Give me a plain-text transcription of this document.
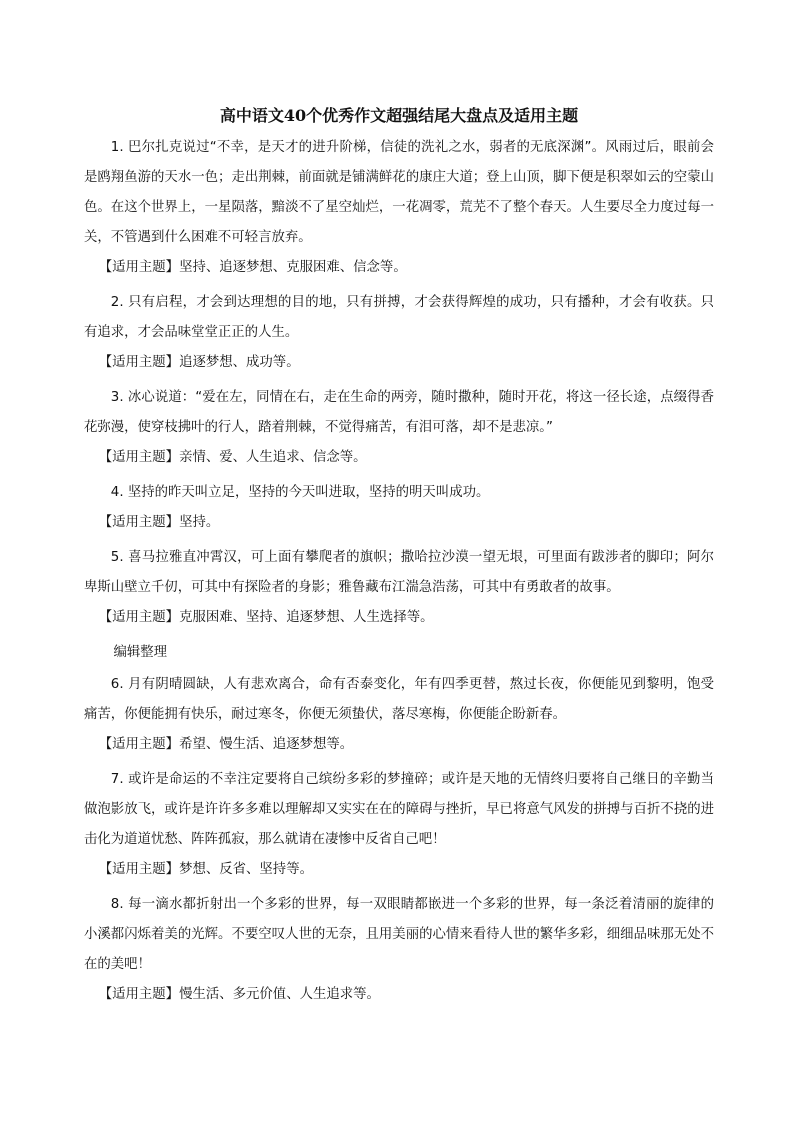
高中语文40个优秀作文超强结尾大盘点及适用主题

1. 巴尔扎克说过“不幸，是天才的进升阶梯，信徒的洗礼之水，弱者的无底深渊”。风雨过后，眼前会是鸥翔鱼游的天水一色；走出荆棘，前面就是铺满鲜花的康庄大道；登上山顶，脚下便是积翠如云的空蒙山色。在这个世界上，一星陨落，黯淡不了星空灿烂，一花凋零，荒芜不了整个春天。人生要尽全力度过每一关，不管遇到什么困难不可轻言放弃。

【适用主题】坚持、追逐梦想、克服困难、信念等。

2. 只有启程，才会到达理想的目的地，只有拼搏，才会获得辉煌的成功，只有播种，才会有收获。只有追求，才会品味堂堂正正的人生。

【适用主题】追逐梦想、成功等。

3. 冰心说道：“爱在左，同情在右，走在生命的两旁，随时撒种，随时开花，将这一径长途，点缀得香花弥漫，使穿枝拂叶的行人，踏着荆棘，不觉得痛苦，有泪可落，却不是悲凉。”

【适用主题】亲情、爱、人生追求、信念等。

4. 坚持的昨天叫立足，坚持的今天叫进取，坚持的明天叫成功。

【适用主题】坚持。

5. 喜马拉雅直冲霄汉，可上面有攀爬者的旗帜；撒哈拉沙漠一望无垠，可里面有跋涉者的脚印；阿尔卑斯山壁立千仞，可其中有探险者的身影；雅鲁藏布江湍急浩荡，可其中有勇敢者的故事。

【适用主题】克服困难、坚持、追逐梦想、人生选择等。

编辑整理

6. 月有阴晴圆缺，人有悲欢离合，命有否泰变化，年有四季更替，熬过长夜，你便能见到黎明，饱受痛苦，你便能拥有快乐，耐过寒冬，你便无须蛰伏，落尽寒梅，你便能企盼新春。

【适用主题】希望、慢生活、追逐梦想等。

7. 或许是命运的不幸注定要将自己缤纷多彩的梦撞碎；或许是天地的无情终归要将自己继日的辛勤当做泡影放飞，或许是许许多多难以理解却又实实在在的障碍与挫折，早已将意气风发的拼搏与百折不挠的进击化为道道忧愁、阵阵孤寂，那么就请在凄惨中反省自己吧！

【适用主题】梦想、反省、坚持等。

8. 每一滴水都折射出一个多彩的世界，每一双眼睛都嵌进一个多彩的世界，每一条泛着清丽的旋律的小溪都闪烁着美的光辉。不要空叹人世的无奈，且用美丽的心情来看待人世的繁华多彩，细细品味那无处不在的美吧！

【适用主题】慢生活、多元价值、人生追求等。
